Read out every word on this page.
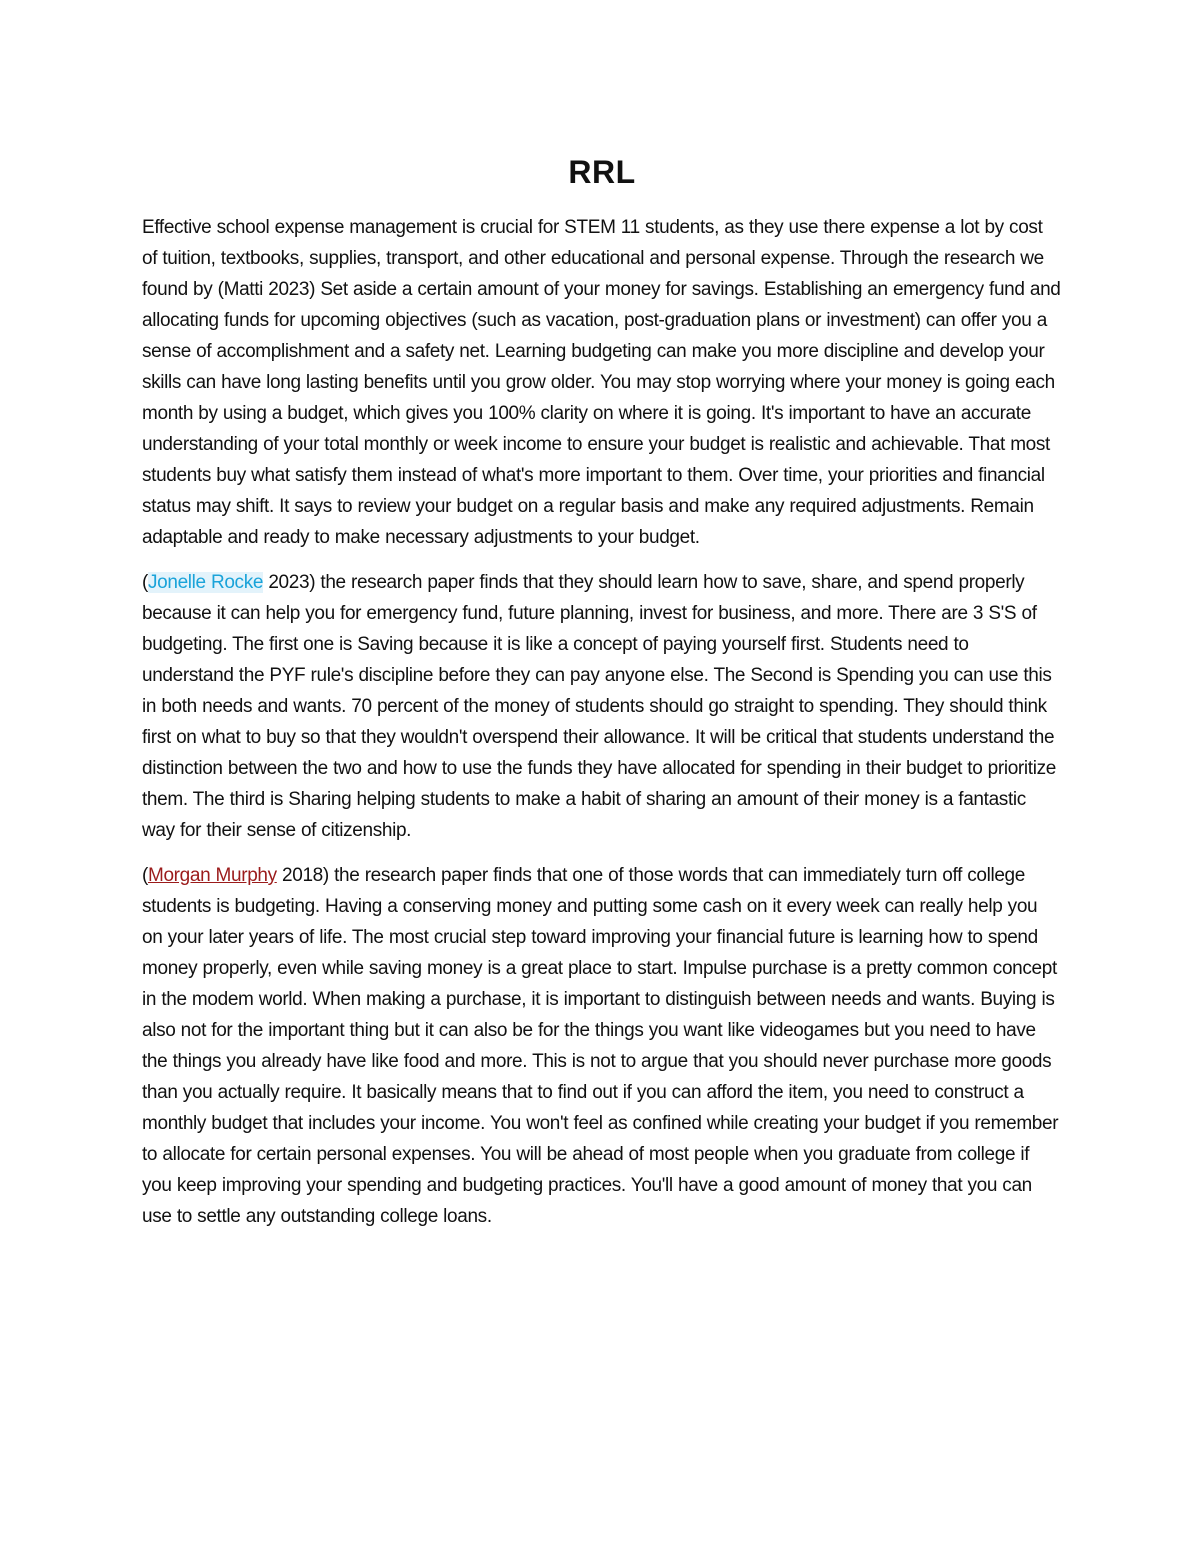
RRL

Effective school expense management is crucial for STEM 11 students, as they use there expense a lot by cost of tuition, textbooks, supplies, transport, and other educational and personal expense. Through the research we found by (Matti 2023) Set aside a certain amount of your money for savings. Establishing an emergency fund and allocating funds for upcoming objectives (such as vacation, post-graduation plans or investment) can offer you a sense of accomplishment and a safety net. Learning budgeting can make you more discipline and develop your skills can have long lasting benefits until you grow older. You may stop worrying where your money is going each month by using a budget, which gives you 100% clarity on where it is going. It's important to have an accurate understanding of your total monthly or week income to ensure your budget is realistic and achievable. That most students buy what satisfy them instead of what's more important to them. Over time, your priorities and financial status may shift. It says to review your budget on a regular basis and make any required adjustments. Remain adaptable and ready to make necessary adjustments to your budget.

(Jonelle Rocke 2023) the research paper finds that they should learn how to save, share, and spend properly because it can help you for emergency fund, future planning, invest for business, and more. There are 3 S'S of budgeting. The first one is Saving because it is like a concept of paying yourself first. Students need to understand the PYF rule's discipline before they can pay anyone else. The Second is Spending you can use this in both needs and wants. 70 percent of the money of students should go straight to spending. They should think first on what to buy so that they wouldn't overspend their allowance. It will be critical that students understand the distinction between the two and how to use the funds they have allocated for spending in their budget to prioritize them. The third is Sharing helping students to make a habit of sharing an amount of their money is a fantastic way for their sense of citizenship.

(Morgan Murphy 2018) the research paper finds that one of those words that can immediately turn off college students is budgeting. Having a conserving money and putting some cash on it every week can really help you on your later years of life. The most crucial step toward improving your financial future is learning how to spend money properly, even while saving money is a great place to start. Impulse purchase is a pretty common concept in the modem world. When making a purchase, it is important to distinguish between needs and wants. Buying is also not for the important thing but it can also be for the things you want like videogames but you need to have the things you already have like food and more. This is not to argue that you should never purchase more goods than you actually require. It basically means that to find out if you can afford the item, you need to construct a monthly budget that includes your income. You won't feel as confined while creating your budget if you remember to allocate for certain personal expenses. You will be ahead of most people when you graduate from college if you keep improving your spending and budgeting practices. You'll have a good amount of money that you can use to settle any outstanding college loans.
